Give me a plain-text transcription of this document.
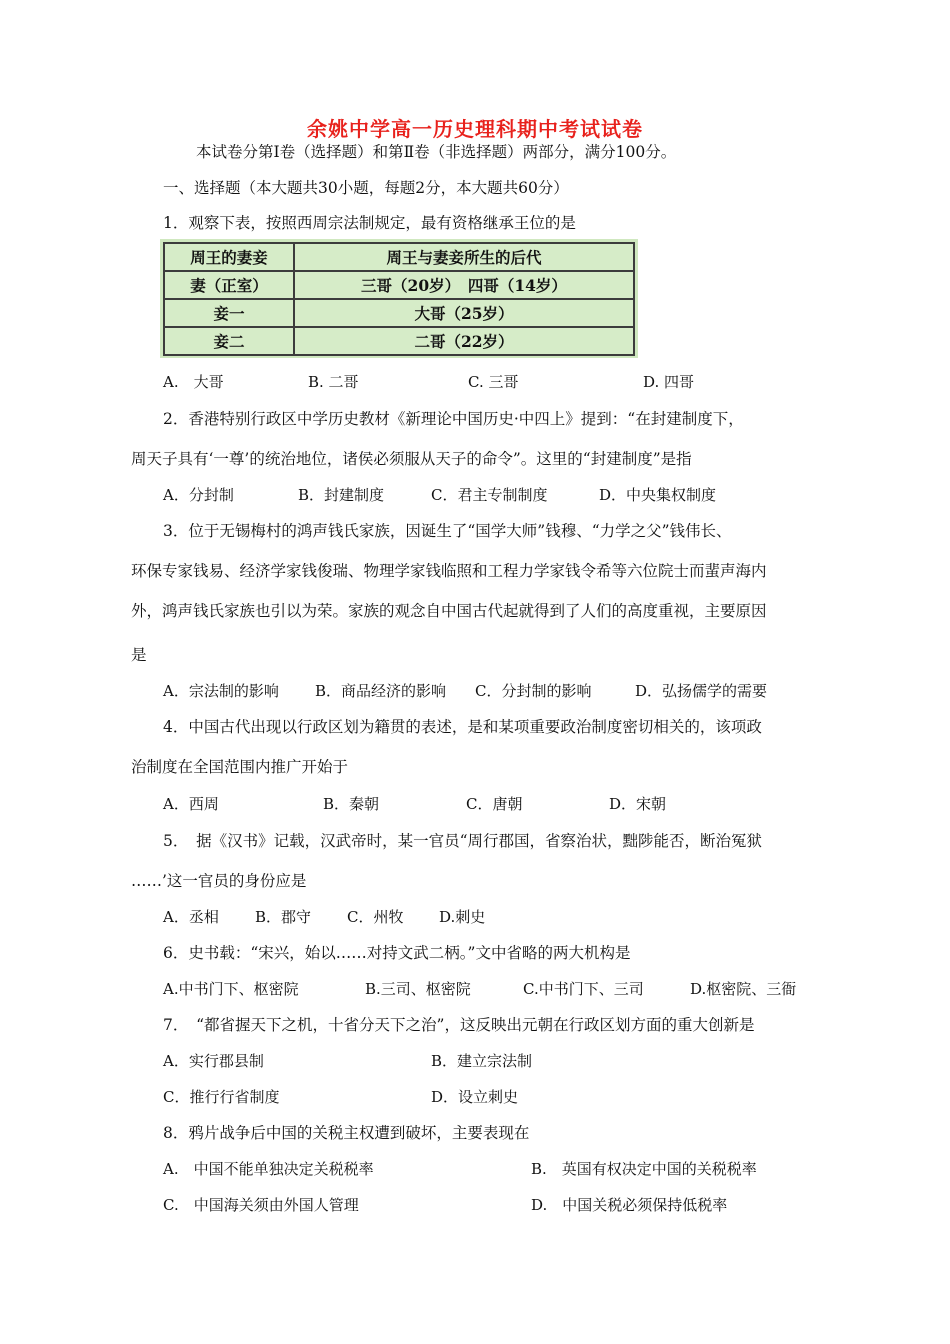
余姚中学高一历史理科期中考试试卷
本试卷分第Ⅰ卷（选择题）和第Ⅱ卷（非选择题）两部分，满分100分。
一、选择题（本大题共30小题，每题2分，本大题共60分）
1．观察下表，按照西周宗法制规定，最有资格继承王位的是
周王的妻妾	周王与妻妾所生的后代
妻（正室）	三哥（20岁）　四哥（14岁）
妾一	大哥（25岁）
妾二	二哥（22岁）
A.　大哥	B. 二哥	C. 三哥	D. 四哥
2．香港特别行政区中学历史教材《新理论中国历史·中四上》提到：“在封建制度下，
周天子具有‘一尊’的统治地位，诸侯必须服从天子的命令”。这里的“封建制度”是指
A．分封制	B．封建制度	C．君主专制制度	D．中央集权制度
3．位于无锡梅村的鸿声钱氏家族，因诞生了“国学大师”钱穆、“力学之父”钱伟长、
环保专家钱易、经济学家钱俊瑞、物理学家钱临照和工程力学家钱令希等六位院士而蜚声海内
外，鸿声钱氏家族也引以为荣。家族的观念自中国古代起就得到了人们的高度重视，主要原因
是
A．宗法制的影响	B．商品经济的影响	C．分封制的影响	D．弘扬儒学的需要
4．中国古代出现以行政区划为籍贯的表述，是和某项重要政治制度密切相关的，该项政
治制度在全国范围内推广开始于
A．西周	B．秦朝	C．唐朝	D．宋朝
5．　据《汉书》记载，汉武帝时，某一官员“周行郡国，省察治状，黜陟能否，断治冤狱
……’这一官员的身份应是
A．丞相	B．郡守	C．州牧	D.刺史
6．史书载：“宋兴，始以……对持文武二柄。”文中省略的两大机构是
A.中书门下、枢密院	B.三司、枢密院	C.中书门下、三司	D.枢密院、三衙
7．　“都省握天下之机，十省分天下之治”，这反映出元朝在行政区划方面的重大创新是
A．实行郡县制	B．建立宗法制
C．推行行省制度	D．设立刺史
8．鸦片战争后中国的关税主权遭到破坏，主要表现在
A.　中国不能单独决定关税税率	B.　英国有权决定中国的关税税率
C.　中国海关须由外国人管理	D.　中国关税必须保持低税率
